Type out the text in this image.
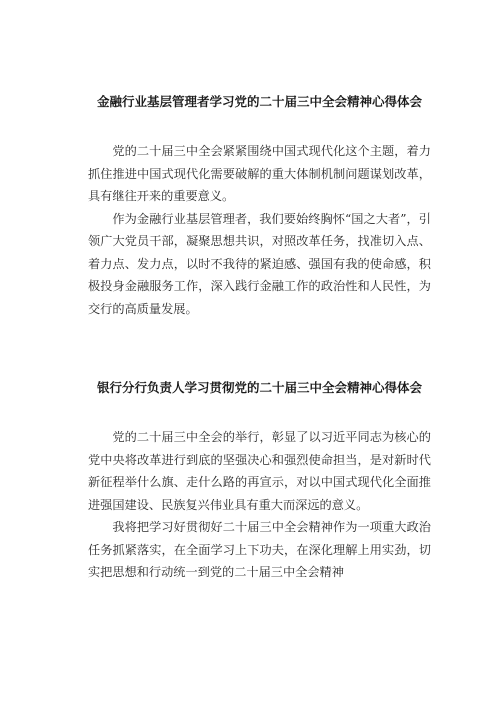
金融行业基层管理者学习党的二十届三中全会精神心得体会

党的二十届三中全会紧紧围绕中国式现代化这个主题，着力抓住推进中国式现代化需要破解的重大体制机制问题谋划改革，具有继往开来的重要意义。

作为金融行业基层管理者，我们要始终胸怀“国之大者”，引领广大党员干部，凝聚思想共识，对照改革任务，找准切入点、着力点、发力点，以时不我待的紧迫感、强国有我的使命感，积极投身金融服务工作，深入践行金融工作的政治性和人民性，为交行的高质量发展。

银行分行负责人学习贯彻党的二十届三中全会精神心得体会

党的二十届三中全会的举行，彰显了以习近平同志为核心的党中央将改革进行到底的坚强决心和强烈使命担当，是对新时代新征程举什么旗、走什么路的再宣示，对以中国式现代化全面推进强国建设、民族复兴伟业具有重大而深远的意义。

我将把学习好贯彻好二十届三中全会精神作为一项重大政治任务抓紧落实，在全面学习上下功夫，在深化理解上用实劲，切实把思想和行动统一到党的二十届三中全会精神
